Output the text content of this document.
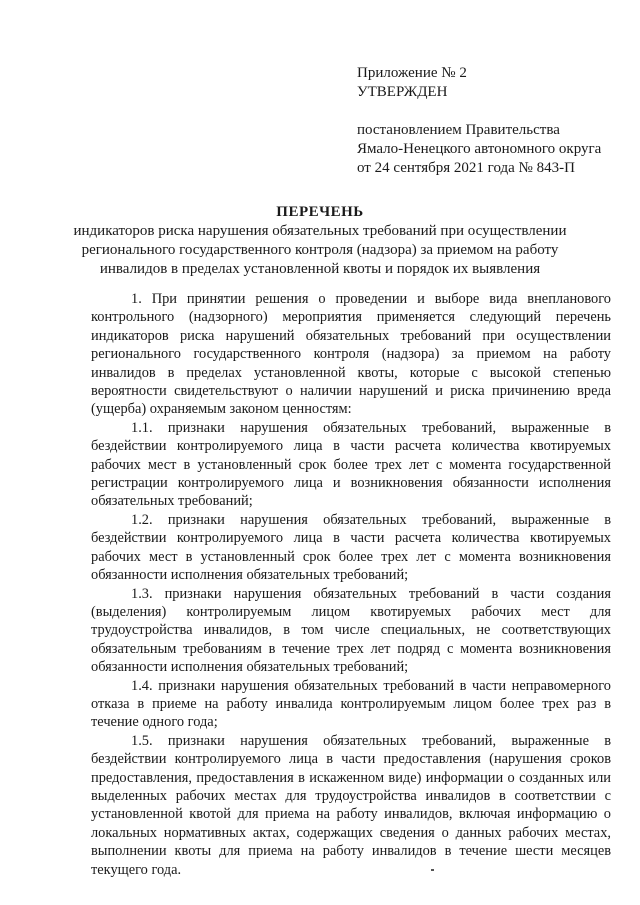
Приложение № 2
УТВЕРЖДЕН
постановлением Правительства
Ямало-Ненецкого автономного округа
от 24 сентября 2021 года № 843-П
ПЕРЕЧЕНЬ
индикаторов риска нарушения обязательных требований при осуществлении
регионального государственного контроля (надзора) за приемом на работу
инвалидов в пределах установленной квоты и порядок их выявления

1. При принятии решения о проведении и выборе вида внепланового контрольного (надзорного) мероприятия применяется следующий перечень индикаторов риска нарушений обязательных требований при осуществлении регионального государственного контроля (надзора) за приемом на работу инвалидов в пределах установленной квоты, которые с высокой степенью вероятности свидетельствуют о наличии нарушений и риска причинению вреда (ущерба) охраняемым законом ценностям:

1.1. признаки нарушения обязательных требований, выраженные в бездействии контролируемого лица в части расчета количества квотируемых рабочих мест в установленный срок более трех лет с момента государственной регистрации контролируемого лица и возникновения обязанности исполнения обязательных требований;

1.2. признаки нарушения обязательных требований, выраженные в бездействии контролируемого лица в части расчета количества квотируемых рабочих мест в установленный срок более трех лет с момента возникновения обязанности исполнения обязательных требований;

1.3. признаки нарушения обязательных требований в части создания (выделения) контролируемым лицом квотируемых рабочих мест для трудоустройства инвалидов, в том числе специальных, не соответствующих обязательным требованиям в течение трех лет подряд с момента возникновения обязанности исполнения обязательных требований;

1.4. признаки нарушения обязательных требований в части неправомерного отказа в приеме на работу инвалида контролируемым лицом более трех раз в течение одного года;

1.5. признаки нарушения обязательных требований, выраженные в бездействии контролируемого лица в части предоставления (нарушения сроков предоставления, предоставления в искаженном виде) информации о созданных или выделенных рабочих местах для трудоустройства инвалидов в соответствии с установленной квотой для приема на работу инвалидов, включая информацию о локальных нормативных актах, содержащих сведения о данных рабочих местах, выполнении квоты для приема на работу инвалидов в течение шести месяцев текущего года.
